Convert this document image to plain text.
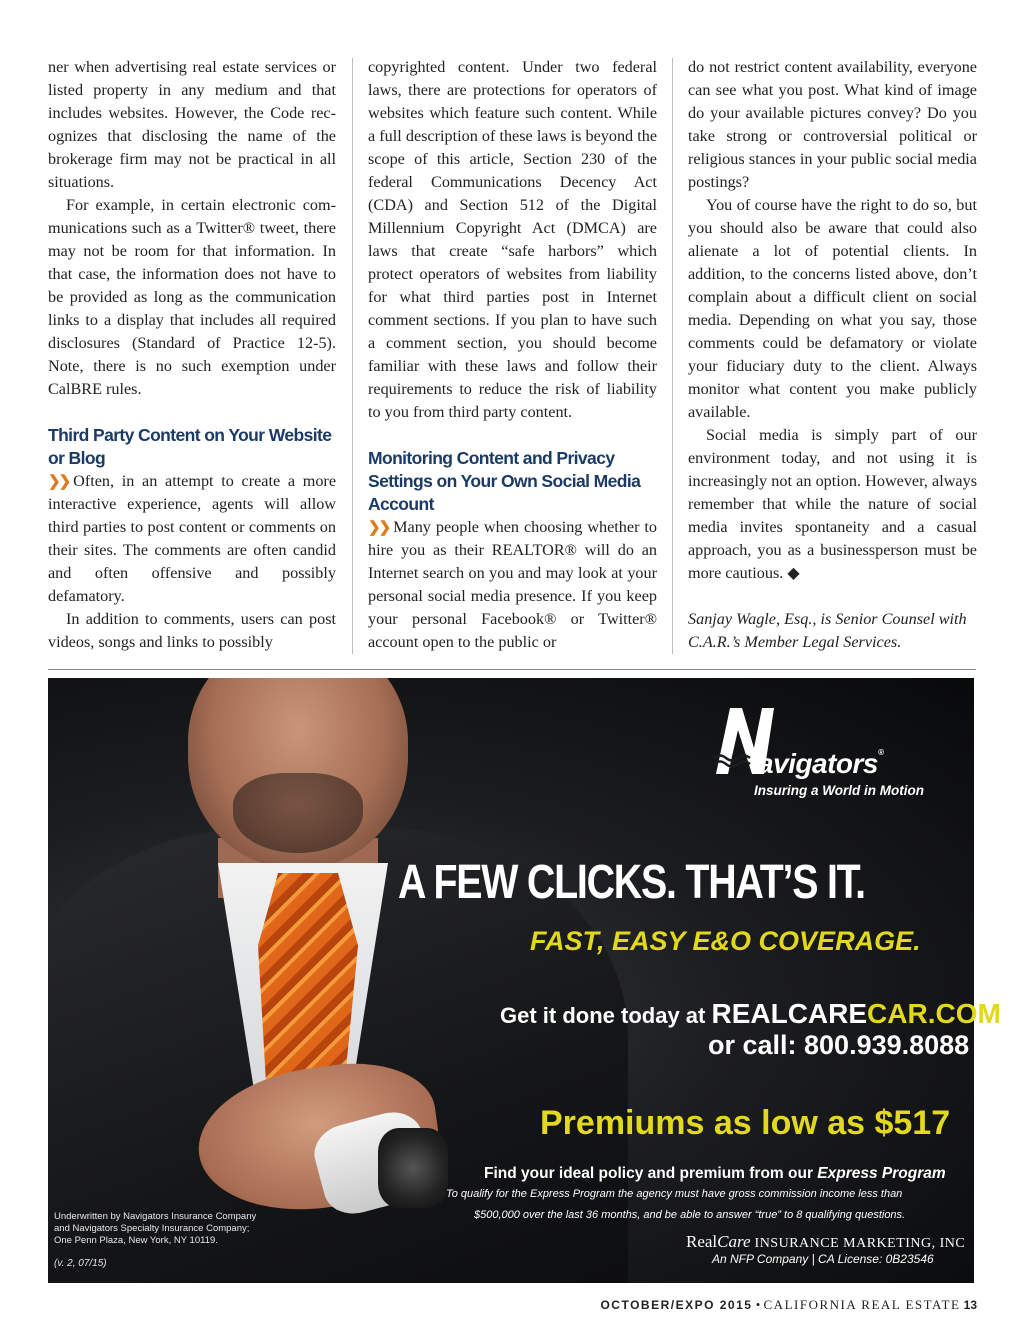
ner when advertising real estate services or listed property in any medium and that includes websites. However, the Code recognizes that disclosing the name of the brokerage firm may not be practical in all situations.

For example, in certain electronic communications such as a Twitter® tweet, there may not be room for that information. In that case, the information does not have to be provided as long as the communication links to a display that includes all required disclosures (Standard of Practice 12-5). Note, there is no such exemption under CalBRE rules.

Third Party Content on Your Website or Blog

❯❯ Often, in an attempt to create a more interactive experience, agents will allow third parties to post content or comments on their sites. The comments are often candid and often offensive and possibly defamatory.

In addition to comments, users can post videos, songs and links to possibly

copyrighted content. Under two federal laws, there are protections for operators of websites which feature such content. While a full description of these laws is beyond the scope of this article, Section 230 of the federal Communications Decency Act (CDA) and Section 512 of the Digital Millennium Copyright Act (DMCA) are laws that create “safe harbors” which protect operators of websites from liability for what third parties post in Internet comment sections. If you plan to have such a comment section, you should become familiar with these laws and follow their requirements to reduce the risk of liability to you from third party content.

Monitoring Content and Privacy Settings on Your Own Social Media Account

❯❯ Many people when choosing whether to hire you as their REALTOR® will do an Internet search on you and may look at your personal social media presence. If you keep your personal Facebook® or Twitter® account open to the public or

do not restrict content availability, everyone can see what you post. What kind of image do your available pictures convey? Do you take strong or controversial political or religious stances in your public social media postings?

You of course have the right to do so, but you should also be aware that could also alienate a lot of potential clients. In addition, to the concerns listed above, don’t complain about a difficult client on social media. Depending on what you say, those comments could be defamatory or violate your fiduciary duty to the client. Always monitor what content you make publicly available.

Social media is simply part of our environment today, and not using it is increasingly not an option. However, always remember that while the nature of social media invites spontaneity and a casual approach, you as a businessperson must be more cautious. ◆

Sanjay Wagle, Esq., is Senior Counsel with C.A.R.’s Member Legal Services.

avigators®
Insuring a World in Motion
A FEW CLICKS. THAT’S IT.
FAST, EASY E&O COVERAGE.
Get it done today at REALCARECAR.COM
or call: 800.939.8088
Premiums as low as $517
Find your ideal policy and premium from our Express Program
To qualify for the Express Program the agency must have gross commission income less than
$500,000 over the last 36 months, and be able to answer “true” to 8 qualifying questions.
RealCare INSURANCE MARKETING, INC
An NFP Company | CA License: 0B23546
Underwritten by Navigators Insurance Company
and Navigators Specialty Insurance Company;
One Penn Plaza, New York, NY 10119.
(v. 2, 07/15)
OCTOBER/EXPO 2015 • CALIFORNIA REAL ESTATE 13
